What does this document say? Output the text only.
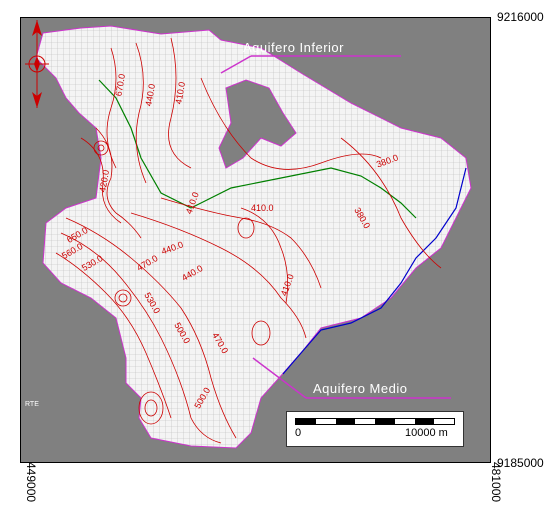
670.0 440.0 410.0
420.0
410.0
380.0
380.0
410.0
440.0
470.0
530.0
560.0
650.0
440.0	410.0
500.0
530.0
470.0
500.0
Aquifero Inferior
Aquifero Medio
RTE
0	10000 m
9216000
9185000
449000	481000
